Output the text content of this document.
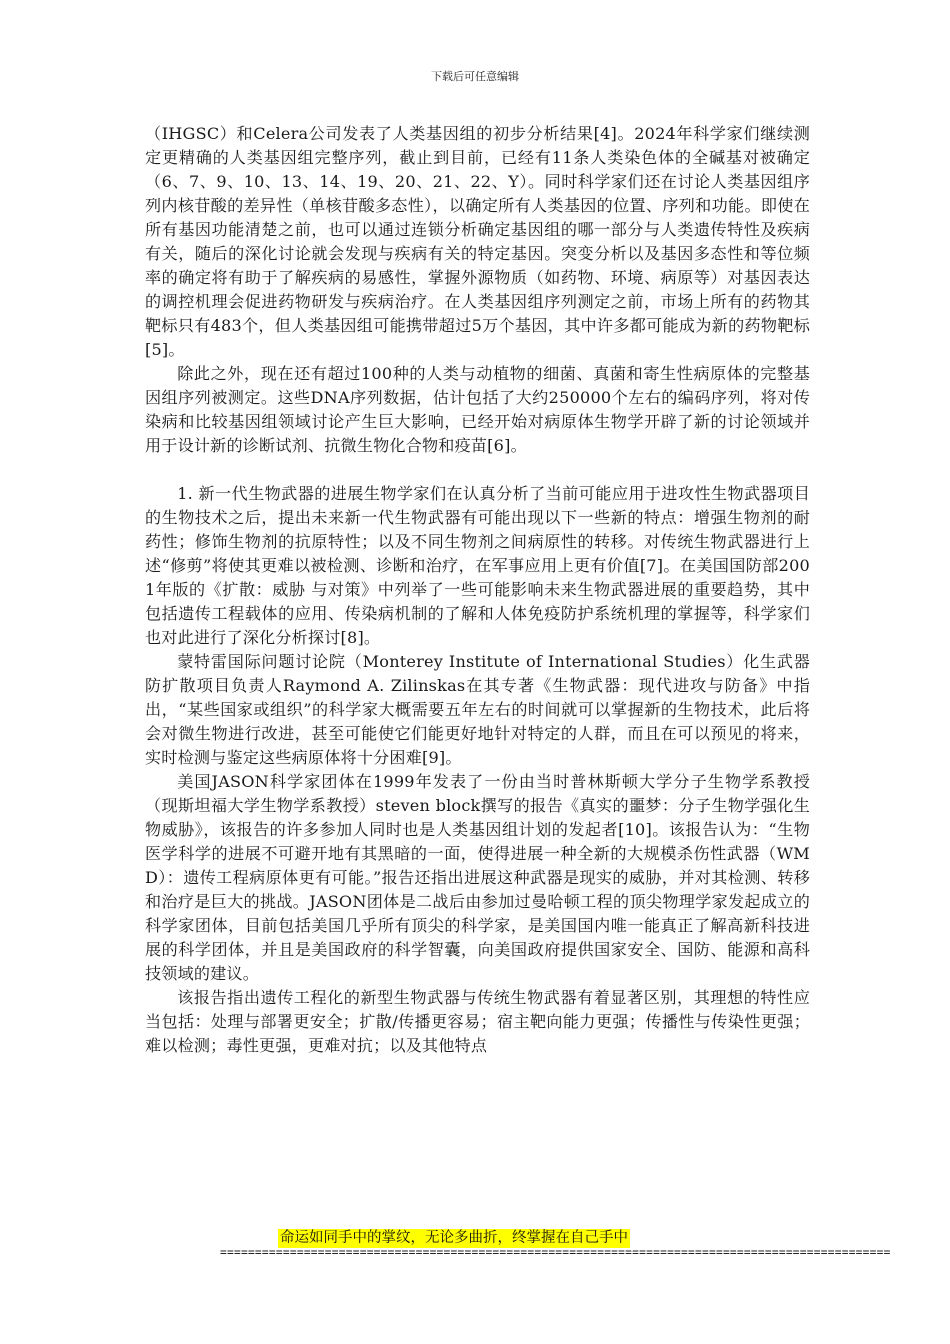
下载后可任意编辑

（IHGSC）和Celera公司发表了人类基因组的初步分析结果[4]。2024年科学家们继续测定更精确的人类基因组完整序列，截止到目前，已经有11条人类染色体的全碱基对被确定（6、7、9、10、13、14、19、20、21、22、Y）。同时科学家们还在讨论人类基因组序列内核苷酸的差异性（单核苷酸多态性），以确定所有人类基因的位置、序列和功能。即使在所有基因功能清楚之前，也可以通过连锁分析确定基因组的哪一部分与人类遗传特性及疾病有关，随后的深化讨论就会发现与疾病有关的特定基因。突变分析以及基因多态性和等位频率的确定将有助于了解疾病的易感性，掌握外源物质（如药物、环境、病原等）对基因表达的调控机理会促进药物研发与疾病治疗。在人类基因组序列测定之前，市场上所有的药物其靶标只有483个，但人类基因组可能携带超过5万个基因，其中许多都可能成为新的药物靶标[5]。

除此之外，现在还有超过100种的人类与动植物的细菌、真菌和寄生性病原体的完整基因组序列被测定。这些DNA序列数据，估计包括了大约250000个左右的编码序列，将对传染病和比较基因组领域讨论产生巨大影响，已经开始对病原体生物学开辟了新的讨论领域并用于设计新的诊断试剂、抗微生物化合物和疫苗[6]。

1. 新一代生物武器的进展生物学家们在认真分析了当前可能应用于进攻性生物武器项目的生物技术之后，提出未来新一代生物武器有可能出现以下一些新的特点：增强生物剂的耐药性；修饰生物剂的抗原特性；以及不同生物剂之间病原性的转移。对传统生物武器进行上述“修剪”将使其更难以被检测、诊断和治疗，在军事应用上更有价值[7]。在美国国防部2001年版的《扩散：威胁 与对策》中列举了一些可能影响未来生物武器进展的重要趋势，其中包括遗传工程载体的应用、传染病机制的了解和人体免疫防护系统机理的掌握等，科学家们也对此进行了深化分析探讨[8]。

蒙特雷国际问题讨论院（Monterey Institute of International Studies）化生武器防扩散项目负责人Raymond A. Zilinskas在其专著《生物武器：现代进攻与防备》中指出，“某些国家或组织”的科学家大概需要五年左右的时间就可以掌握新的生物技术，此后将会对微生物进行改进，甚至可能使它们能更好地针对特定的人群，而且在可以预见的将来，实时检测与鉴定这些病原体将十分困难[9]。

美国JASON科学家团体在1999年发表了一份由当时普林斯顿大学分子生物学系教授（现斯坦福大学生物学系教授）steven block撰写的报告《真实的噩梦：分子生物学强化生物威胁》，该报告的许多参加人同时也是人类基因组计划的发起者[10]。该报告认为：“生物医学科学的进展不可避开地有其黑暗的一面，使得进展一种全新的大规模杀伤性武器（WMD）：遗传工程病原体更有可能。”报告还指出进展这种武器是现实的威胁，并对其检测、转移和治疗是巨大的挑战。JASON团体是二战后由参加过曼哈顿工程的顶尖物理学家发起成立的科学家团体，目前包括美国几乎所有顶尖的科学家，是美国国内唯一能真正了解高新科技进展的科学团体，并且是美国政府的科学智囊，向美国政府提供国家安全、国防、能源和高科技领域的建议。

该报告指出遗传工程化的新型生物武器与传统生物武器有着显著区别，其理想的特性应当包括：处理与部署更安全；扩散/传播更容易；宿主靶向能力更强；传播性与传染性更强；难以检测；毒性更强，更难对抗；以及其他特点

命运如同手中的掌纹，无论多曲折，终掌握在自己手中
================================================================================================
